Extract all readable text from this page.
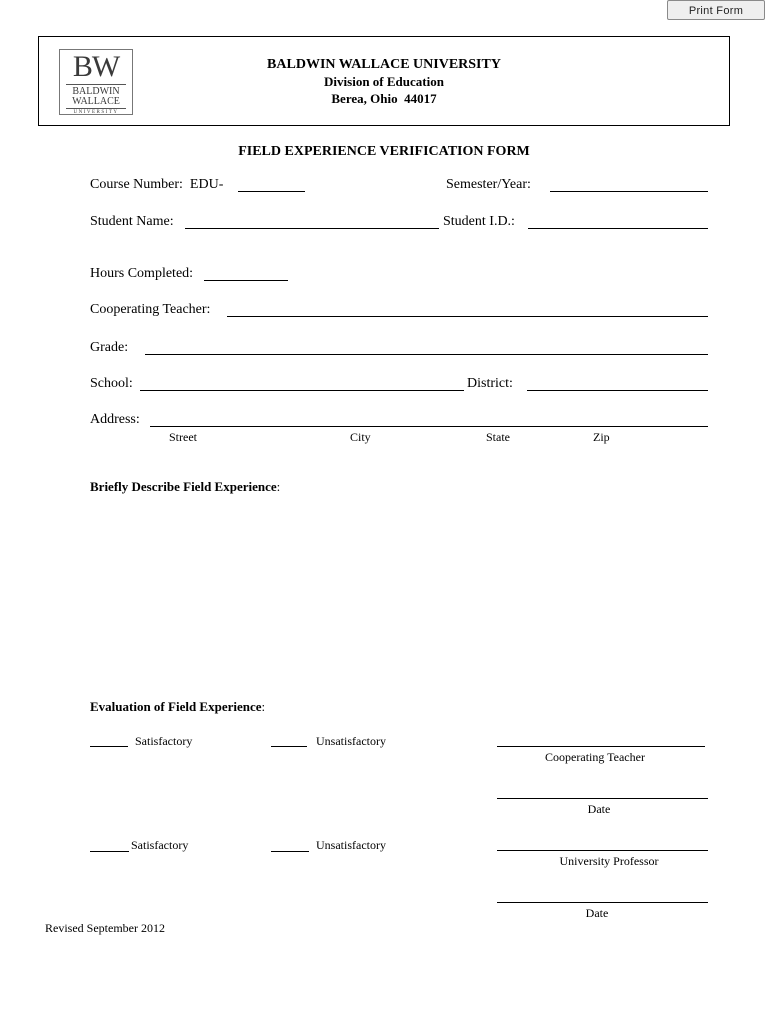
Print Form
BW
BALDWIN
WALLACE
UNIVERSITY
BALDWIN WALLACE UNIVERSITY
Division of Education
Berea, Ohio  44017
FIELD EXPERIENCE VERIFICATION FORM
Course Number:  EDU-	Semester/Year:
Student Name:	Student I.D.:
Hours Completed:
Cooperating Teacher:
Grade:
School:	District:
Address:
Street	City	State	Zip
Briefly Describe Field Experience:
Evaluation of Field Experience:
Satisfactory	Unsatisfactory
Cooperating Teacher
Date
Satisfactory	Unsatisfactory
University Professor
Date
Revised September 2012
